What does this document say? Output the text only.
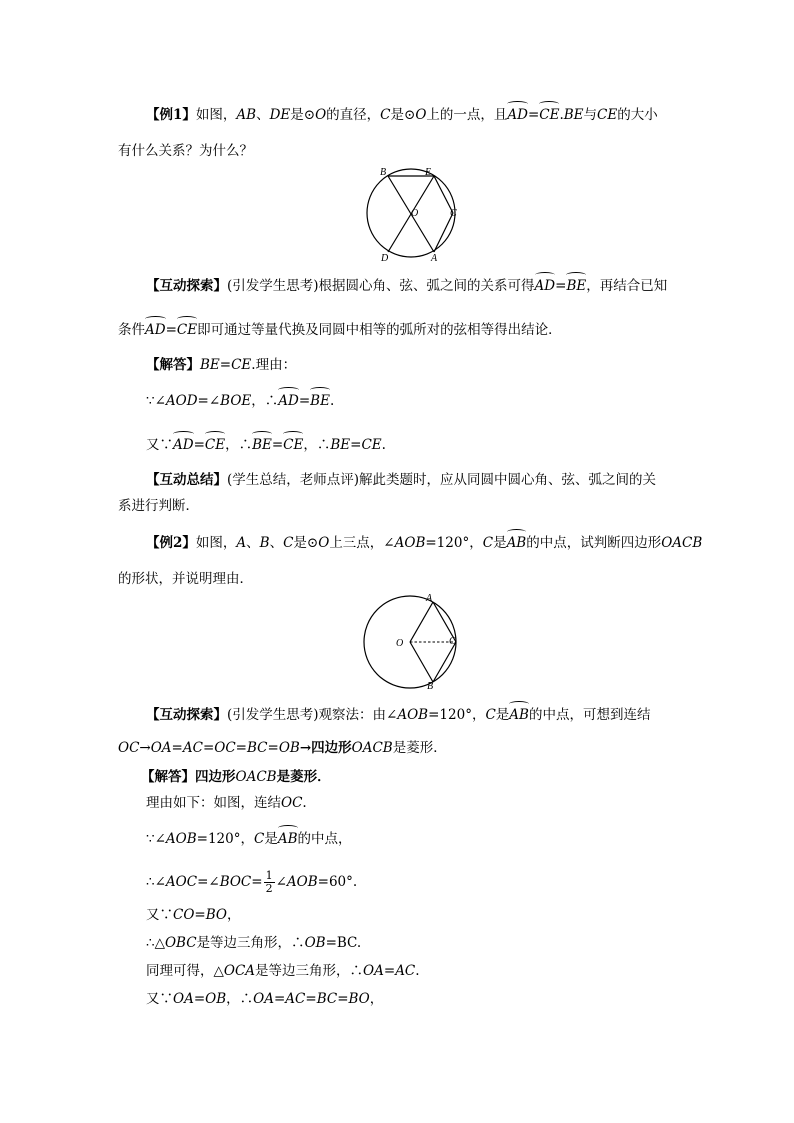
【例1】如图，AB、DE是⊙O的直径，C是⊙O上的一点，且AD=CE.BE与CE的大小
有什么关系？为什么？
B	E
O	C
D	A
【互动探索】(引发学生思考)根据圆心角、弦、弧之间的关系可得AD=BE，再结合已知
条件AD=CE即可通过等量代换及同圆中相等的弧所对的弦相等得出结论．
【解答】BE=CE.理由：
∵∠AOD=∠BOE，∴AD=BE.
又∵AD=CE，∴BE=CE，∴BE=CE.
【互动总结】(学生总结，老师点评)解此类题时，应从同圆中圆心角、弦、弧之间的关
系进行判断．
【例2】如图，A、B、C是⊙O上三点，∠AOB=120°，C是AB的中点，试判断四边形OACB
的形状，并说明理由．
A
O	C
B
【互动探索】(引发学生思考)观察法：由∠AOB=120°，C是AB的中点，可想到连结
OC→OA=AC=OC=BC=OB→四边形OACB是菱形．
【解答】四边形OACB是菱形．
理由如下：如图，连结OC.
∵∠AOB=120°，C是AB的中点，
∴∠AOC=∠BOC= $\frac{1}{2}$ ∠AOB=60°.
又∵CO=BO，
∴△OBC是等边三角形，∴OB=BC.
同理可得，△OCA是等边三角形，∴OA=AC.
又∵OA=OB，∴OA=AC=BC=BO，
